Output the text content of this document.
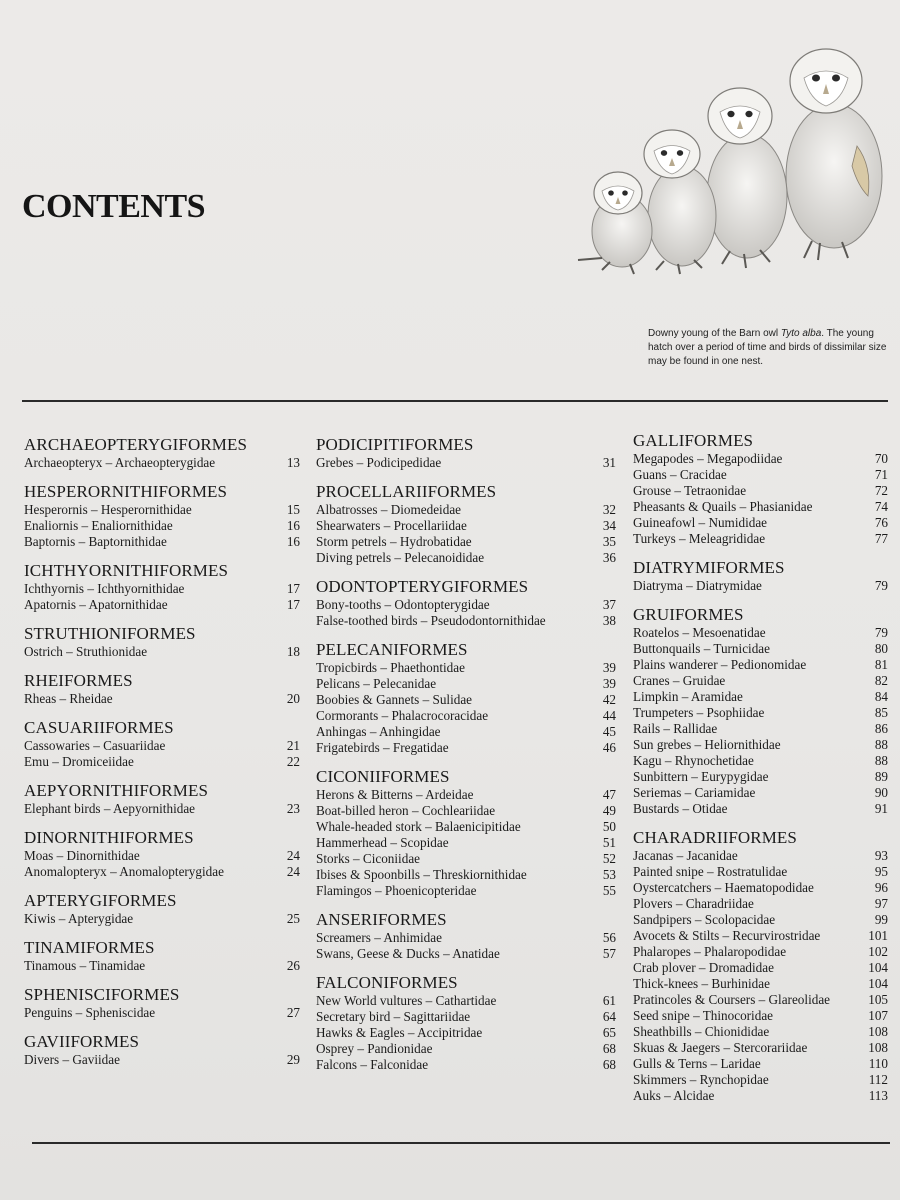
CONTENTS
Downy young of the Barn owl Tyto alba. The young hatch over a period of time and birds of dissimilar size may be found in one nest.
ARCHAEOPTERYGIFORMES
Archaeopteryx – Archaeopterygidae	13
HESPERORNITHIFORMES
Hesperornis – Hesperornithidae	15
Enaliornis – Enaliornithidae	16
Baptornis – Baptornithidae	16
ICHTHYORNITHIFORMES
Ichthyornis – Ichthyornithidae	17
Apatornis – Apatornithidae	17
STRUTHIONIFORMES
Ostrich – Struthionidae	18
RHEIFORMES
Rheas – Rheidae	20
CASUARIIFORMES
Cassowaries – Casuariidae	21
Emu – Dromiceiidae	22
AEPYORNITHIFORMES
Elephant birds – Aepyornithidae	23
DINORNITHIFORMES
Moas – Dinornithidae	24
Anomalopteryx – Anomalopterygidae	24
APTERYGIFORMES
Kiwis – Apterygidae	25
TINAMIFORMES
Tinamous – Tinamidae	26
SPHENISCIFORMES
Penguins – Spheniscidae	27
GAVIIFORMES
Divers – Gaviidae	29
PODICIPITIFORMES
Grebes – Podicipedidae	31
PROCELLARIIFORMES
Albatrosses – Diomedeidae	32
Shearwaters – Procellariidae	34
Storm petrels – Hydrobatidae	35
Diving petrels – Pelecanoididae	36
ODONTOPTERYGIFORMES
Bony-tooths – Odontopterygidae	37
False-toothed birds – Pseudodontornithidae	38
PELECANIFORMES
Tropicbirds – Phaethontidae	39
Pelicans – Pelecanidae	39
Boobies & Gannets – Sulidae	42
Cormorants – Phalacrocoracidae	44
Anhingas – Anhingidae	45
Frigatebirds – Fregatidae	46
CICONIIFORMES
Herons & Bitterns – Ardeidae	47
Boat-billed heron – Cochleariidae	49
Whale-headed stork – Balaenicipitidae	50
Hammerhead – Scopidae	51
Storks – Ciconiidae	52
Ibises & Spoonbills – Threskiornithidae	53
Flamingos – Phoenicopteridae	55
ANSERIFORMES
Screamers – Anhimidae	56
Swans, Geese & Ducks – Anatidae	57
FALCONIFORMES
New World vultures – Cathartidae	61
Secretary bird – Sagittariidae	64
Hawks & Eagles – Accipitridae	65
Osprey – Pandionidae	68
Falcons – Falconidae	68
GALLIFORMES
Megapodes – Megapodiidae	70
Guans – Cracidae	71
Grouse – Tetraonidae	72
Pheasants & Quails – Phasianidae	74
Guineafowl – Numididae	76
Turkeys – Meleagrididae	77
DIATRYMIFORMES
Diatryma – Diatrymidae	79
GRUIFORMES
Roatelos – Mesoenatidae	79
Buttonquails – Turnicidae	80
Plains wanderer – Pedionomidae	81
Cranes – Gruidae	82
Limpkin – Aramidae	84
Trumpeters – Psophiidae	85
Rails – Rallidae	86
Sun grebes – Heliornithidae	88
Kagu – Rhynochetidae	88
Sunbittern – Eurypygidae	89
Seriemas – Cariamidae	90
Bustards – Otidae	91
CHARADRIIFORMES
Jacanas – Jacanidae	93
Painted snipe – Rostratulidae	95
Oystercatchers – Haematopodidae	96
Plovers – Charadriidae	97
Sandpipers – Scolopacidae	99
Avocets & Stilts – Recurvirostridae	101
Phalaropes – Phalaropodidae	102
Crab plover – Dromadidae	104
Thick-knees – Burhinidae	104
Pratincoles & Coursers – Glareolidae	105
Seed snipe – Thinocoridae	107
Sheathbills – Chionididae	108
Skuas & Jaegers – Stercorariidae	108
Gulls & Terns – Laridae	110
Skimmers – Rynchopidae	112
Auks – Alcidae	113
